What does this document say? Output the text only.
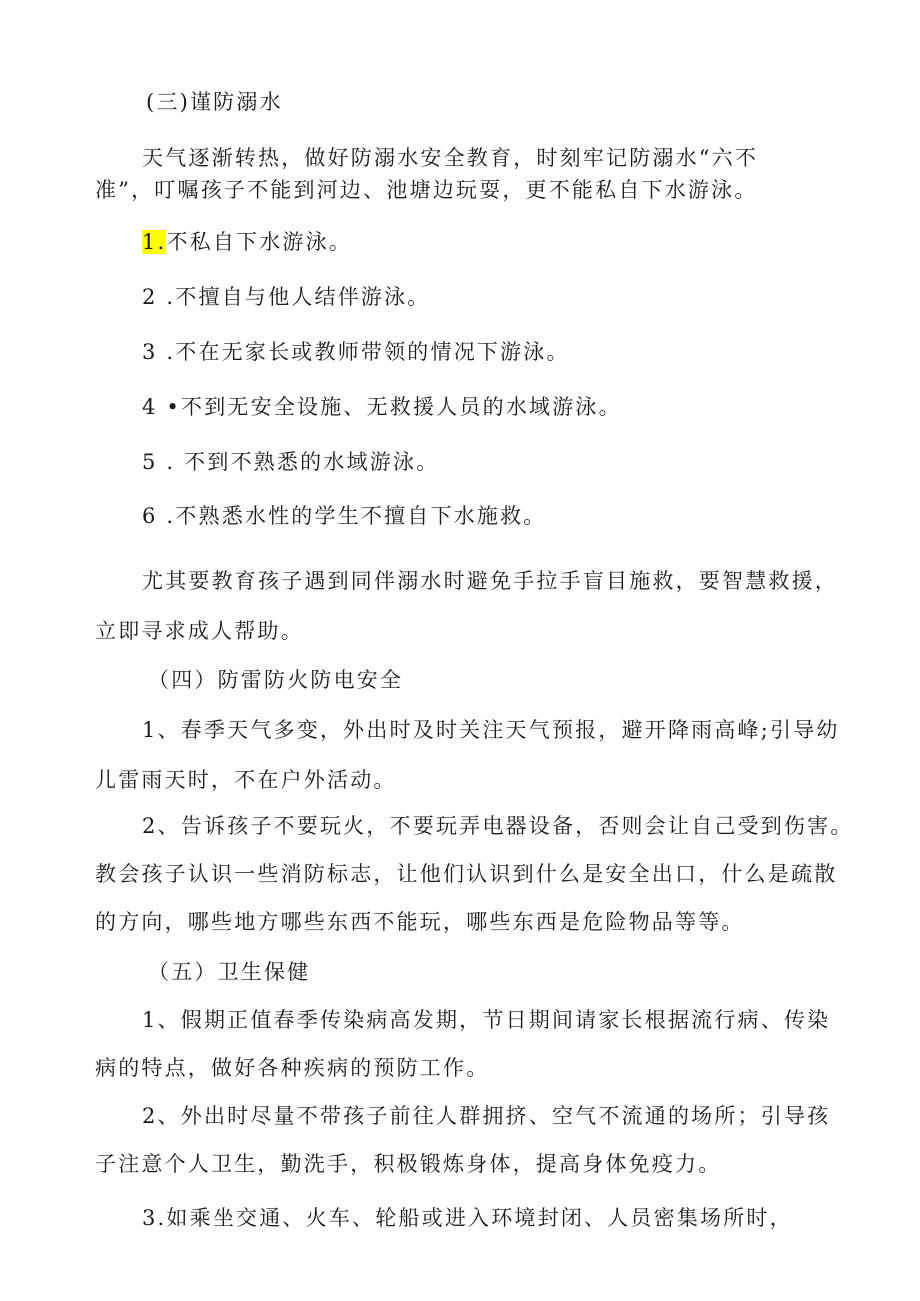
(三)谨防溺水
天气逐渐转热，做好防溺水安全教育，时刻牢记防溺水“六不
准”，叮嘱孩子不能到河边、池塘边玩耍，更不能私自下水游泳。
1.不私自下水游泳。
2 .不擅自与他人结伴游泳。
3 .不在无家长或教师带领的情况下游泳。
4 •不到无安全设施、无救援人员的水域游泳。
5 . 不到不熟悉的水域游泳。
6 .不熟悉水性的学生不擅自下水施救。
尤其要教育孩子遇到同伴溺水时避免手拉手盲目施救，要智慧救援，
立即寻求成人帮助。
（四）防雷防火防电安全
1、春季天气多变，外出时及时关注天气预报，避开降雨高峰;引导幼
儿雷雨天时，不在户外活动。
2、告诉孩子不要玩火，不要玩弄电器设备，否则会让自己受到伤害。
教会孩子认识一些消防标志，让他们认识到什么是安全出口，什么是疏散
的方向，哪些地方哪些东西不能玩，哪些东西是危险物品等等。
（五）卫生保健
1、假期正值春季传染病高发期，节日期间请家长根据流行病、传染
病的特点，做好各种疾病的预防工作。
2、外出时尽量不带孩子前往人群拥挤、空气不流通的场所；引导孩
子注意个人卫生，勤洗手，积极锻炼身体，提高身体免疫力。
3.如乘坐交通、火车、轮船或进入环境封闭、人员密集场所时，
